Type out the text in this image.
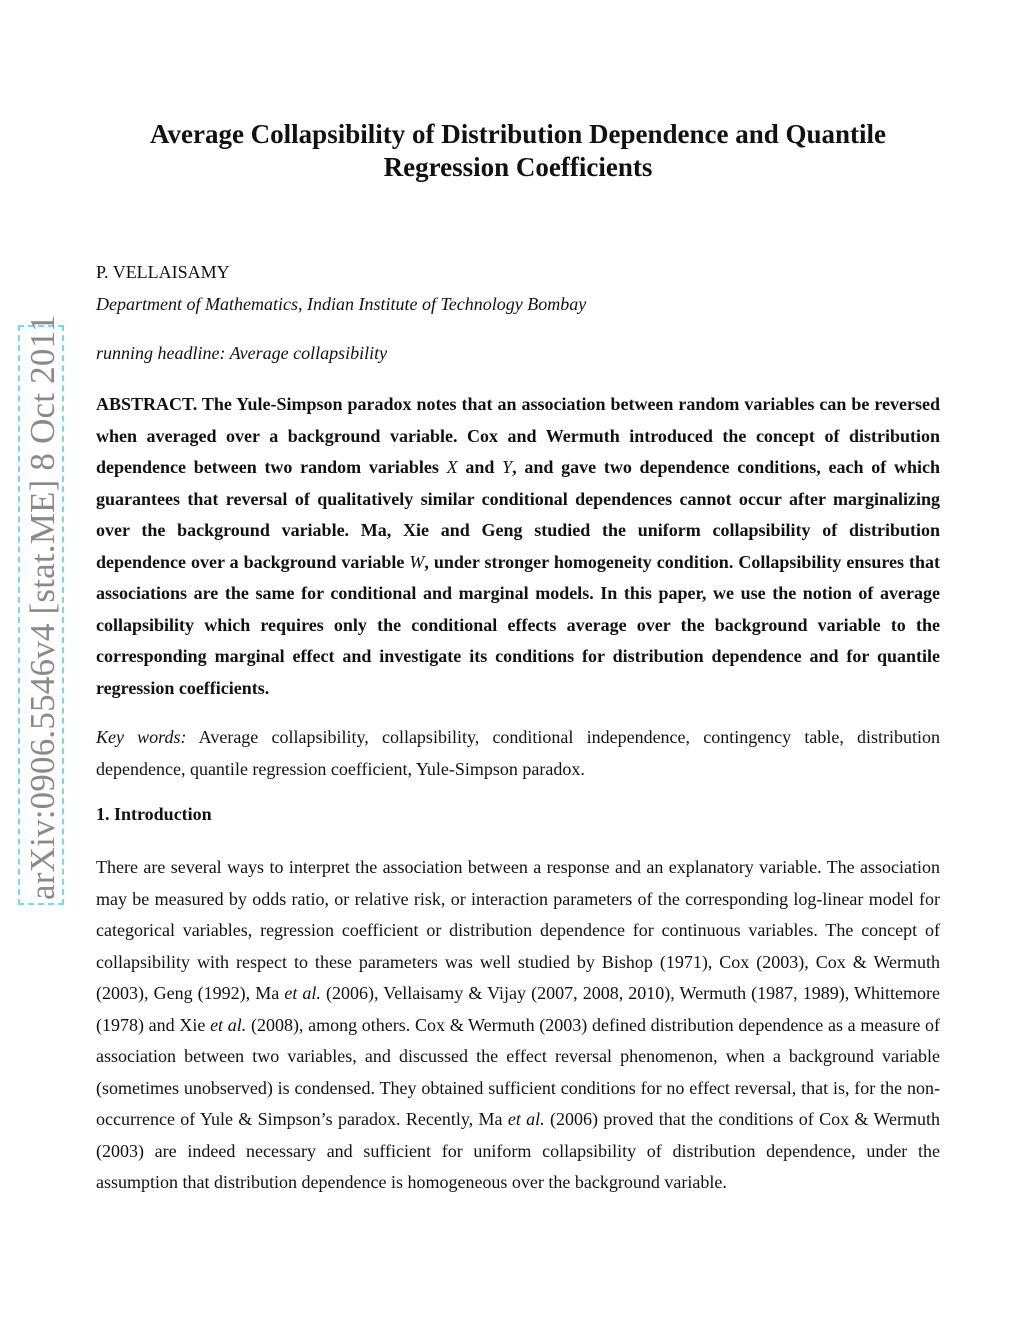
arXiv:0906.5546v4 [stat.ME] 8 Oct 2011
Average Collapsibility of Distribution Dependence and Quantile Regression Coefficients
P. VELLAISAMY
Department of Mathematics, Indian Institute of Technology Bombay
running headline: Average collapsibility

ABSTRACT. The Yule-Simpson paradox notes that an association between random variables can be reversed when averaged over a background variable. Cox and Wermuth introduced the concept of distribution dependence between two random variables X and Y, and gave two dependence conditions, each of which guarantees that reversal of qualitatively similar conditional dependences cannot occur after marginalizing over the background variable. Ma, Xie and Geng studied the uniform collapsibility of distribution dependence over a background variable W, under stronger homogeneity condition. Collapsibility ensures that associations are the same for conditional and marginal models. In this paper, we use the notion of average collapsibility which requires only the conditional effects average over the background variable to the corresponding marginal effect and investigate its conditions for distribution dependence and for quantile regression coefficients.

Key words: Average collapsibility, collapsibility, conditional independence, contingency table, distribution dependence, quantile regression coefficient, Yule-Simpson paradox.

1. Introduction

There are several ways to interpret the association between a response and an explanatory variable. The association may be measured by odds ratio, or relative risk, or interaction parameters of the corresponding log-linear model for categorical variables, regression coefficient or distribution dependence for continuous variables. The concept of collapsibility with respect to these parameters was well studied by Bishop (1971), Cox (2003), Cox & Wermuth (2003), Geng (1992), Ma et al. (2006), Vellaisamy & Vijay (2007, 2008, 2010), Wermuth (1987, 1989), Whittemore (1978) and Xie et al. (2008), among others. Cox & Wermuth (2003) defined distribution dependence as a measure of association between two variables, and discussed the effect reversal phenomenon, when a background variable (sometimes unobserved) is condensed. They obtained sufficient conditions for no effect reversal, that is, for the non-occurrence of Yule & Simpson’s paradox. Recently, Ma et al. (2006) proved that the conditions of Cox & Wermuth (2003) are indeed necessary and sufficient for uniform collapsibility of distribution dependence, under the assumption that distribution dependence is homogeneous over the background variable.
